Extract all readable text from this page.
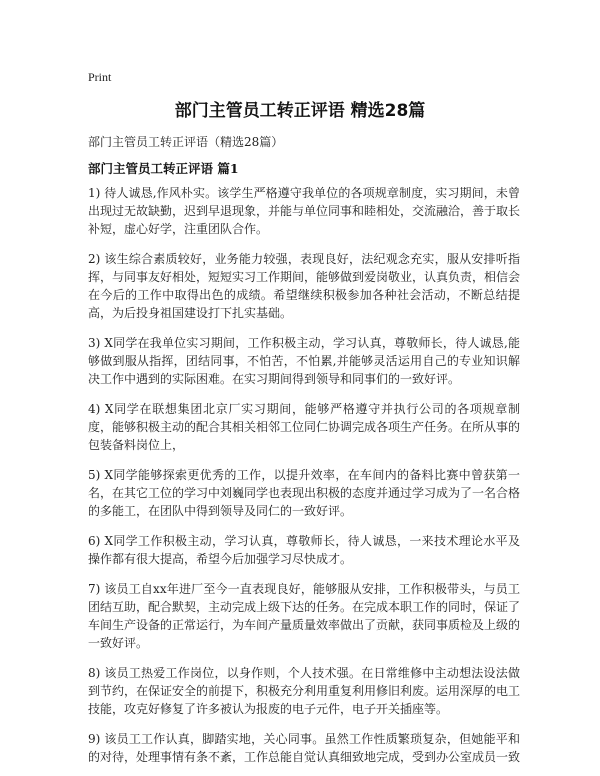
Print
部门主管员工转正评语 精选28篇
部门主管员工转正评语（精选28篇）
部门主管员工转正评语 篇1

1) 待人诚恳,作风朴实。该学生严格遵守我单位的各项规章制度，实习期间，未曾出现过无故缺勤，迟到早退现象，并能与单位同事和睦相处，交流融洽，善于取长补短，虚心好学，注重团队合作。

2) 该生综合素质较好，业务能力较强，表现良好，法纪观念充实，服从安排听指挥，与同事友好相处，短短实习工作期间，能够做到爱岗敬业，认真负责，相信会在今后的工作中取得出色的成绩。希望继续积极参加各种社会活动，不断总结提高，为后投身祖国建设打下扎实基础。

3) X同学在我单位实习期间，工作积极主动，学习认真，尊敬师长，待人诚恳,能够做到服从指挥，团结同事，不怕苦，不怕累,并能够灵活运用自己的专业知识解决工作中遇到的实际困难。在实习期间得到领导和同事们的一致好评。

4) X同学在联想集团北京厂实习期间，能够严格遵守并执行公司的各项规章制度，能够积极主动的配合其相关相邻工位同仁协调完成各项生产任务。在所从事的包装备料岗位上，

5) X同学能够探索更优秀的工作，以提升效率，在车间内的备料比赛中曾获第一名，在其它工位的学习中刘巍同学也表现出积极的态度并通过学习成为了一名合格的多能工，在团队中得到领导及同仁的一致好评。

6) X同学工作积极主动，学习认真，尊敬师长，待人诚恳，一来技术理论水平及操作都有很大提高，希望今后加强学习尽快成才。

7) 该员工自xx年进厂至今一直表现良好，能够服从安排，工作积极带头，与员工团结互助，配合默契，主动完成上级下达的任务。在完成本职工作的同时，保证了车间生产设备的正常运行，为车间产量质量效率做出了贡献，获同事质检及上级的一致好评。

8) 该员工热爱工作岗位，以身作则，个人技术强。在日常维修中主动想法设法做到节约，在保证安全的前提下，积极充分利用重复利用修旧利废。运用深厚的电工技能，攻克好修复了许多被认为报废的电子元件，电子开关插座等。

9) 该员工工作认真，脚踏实地，关心同事。虽然工作性质繁琐复杂，但她能平和的对待，处理事情有条不紊，工作总能自觉认真细致地完成，受到办公室成员一致
